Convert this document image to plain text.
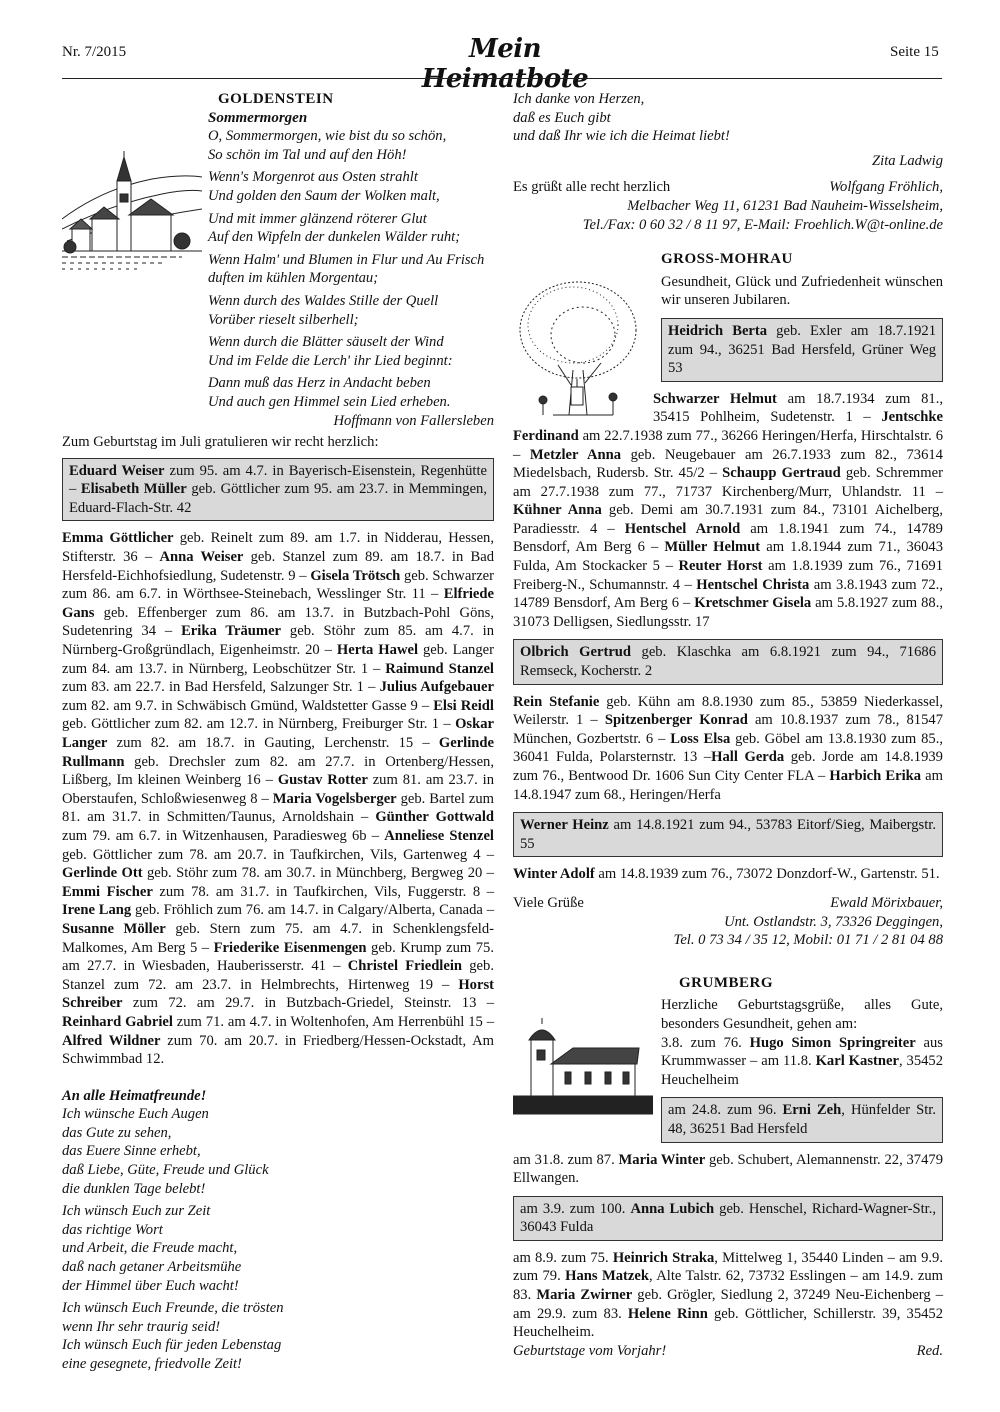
Nr. 7/2015	Mein Heimatbote
Seite 15

GOLDENSTEIN

Sommermorgen

O, Sommermorgen, wie bist du so schön,

So schön im Tal und auf den Höh!

Wenn's Morgenrot aus Osten strahlt

Und golden den Saum der Wolken malt,

Und mit immer glänzend röterer Glut

Auf den Wipfeln der dunkelen Wälder ruht;

Wenn Halm' und Blumen in Flur und Au Frisch

duften im kühlen Morgentau;

Wenn durch des Waldes Stille der Quell

Vorüber rieselt silberhell;

Wenn durch die Blätter säuselt der Wind

Und im Felde die Lerch' ihr Lied beginnt:

Dann muß das Herz in Andacht beben

Und auch gen Himmel sein Lied erheben.

Hoffmann von Fallersleben

Zum Geburtstag im Juli gratulieren wir recht herzlich:

Eduard Weiser zum 95. am 4.7. in Bayerisch-Eisenstein, Regenhütte – Elisabeth Müller geb. Göttlicher zum 95. am 23.7. in Memmingen, Eduard-Flach-Str. 42

Emma Göttlicher geb. Reinelt zum 89. am 1.7. in Nidderau, Hessen, Stifterstr. 36 – Anna Weiser geb. Stanzel zum 89. am 18.7. in Bad Hersfeld-Eichhofsiedlung, Sudetenstr. 9 – Gisela Trötsch geb. Schwarzer zum 86. am 6.7. in Wörthsee-Steinebach, Wesslinger Str. 11 – Elfriede Gans geb. Effenberger zum 86. am 13.7. in Butzbach-Pohl Göns, Sudetenring 34 – Erika Träumer geb. Stöhr zum 85. am 4.7. in Nürnberg-Großgründlach, Eigenheimstr. 20 – Herta Hawel geb. Langer zum 84. am 13.7. in Nürnberg, Leobschützer Str. 1 – Raimund Stanzel zum 83. am 22.7. in Bad Hersfeld, Salzunger Str. 1 – Julius Aufgebauer zum 82. am 9.7. in Schwäbisch Gmünd, Waldstetter Gasse 9 – Elsi Reidl geb. Göttlicher zum 82. am 12.7. in Nürnberg, Freiburger Str. 1 – Oskar Langer zum 82. am 18.7. in Gauting, Lerchenstr. 15 – Gerlinde Rullmann geb. Drechsler zum 82. am 27.7. in Ortenberg/Hessen, Lißberg, Im kleinen Weinberg 16 – Gustav Rotter zum 81. am 23.7. in Oberstaufen, Schloßwiesenweg 8 – Maria Vogelsberger geb. Bartel zum 81. am 31.7. in Schmitten/Taunus, Arnoldshain – Günther Gottwald zum 79. am 6.7. in Witzenhausen, Paradiesweg 6b – Anneliese Stenzel geb. Göttlicher zum 78. am 20.7. in Taufkirchen, Vils, Gartenweg 4 – Gerlinde Ott geb. Stöhr zum 78. am 30.7. in Münchberg, Bergweg 20 – Emmi Fischer zum 78. am 31.7. in Taufkirchen, Vils, Fuggerstr. 8 – Irene Lang geb. Fröhlich zum 76. am 14.7. in Calgary/Alberta, Canada – Susanne Möller geb. Stern zum 75. am 4.7. in Schenklengsfeld-Malkomes, Am Berg 5 – Friederike Eisenmengen geb. Krump zum 75. am 27.7. in Wiesbaden, Hauberisserstr. 41 – Christel Friedlein geb. Stanzel zum 72. am 23.7. in Helmbrechts, Hirtenweg 19 – Horst Schreiber zum 72. am 29.7. in Butzbach-Griedel, Steinstr. 13 – Reinhard Gabriel zum 71. am 4.7. in Woltenhofen, Am Herrenbühl 15 – Alfred Wildner zum 70. am 20.7. in Friedberg/Hessen-Ockstadt, Am Schwimmbad 12.

An alle Heimatfreunde!

Ich wünsche Euch Augen

das Gute zu sehen,

das Euere Sinne erhebt,

daß Liebe, Güte, Freude und Glück

die dunklen Tage belebt!

Ich wünsch Euch zur Zeit

das richtige Wort

und Arbeit, die Freude macht,

daß nach getaner Arbeitsmühe

der Himmel über Euch wacht!

Ich wünsch Euch Freunde, die trösten

wenn Ihr sehr traurig seid!

Ich wünsch Euch für jeden Lebenstag

eine gesegnete, friedvolle Zeit!

Ich danke von Herzen,

daß es Euch gibt

und daß Ihr wie ich die Heimat liebt!

Zita Ladwig

Es grüßt alle recht herzlich	Wolfgang Fröhlich,

Melbacher Weg 11, 61231 Bad Nauheim-Wisselsheim,

Tel./Fax: 0 60 32 / 8 11 97, E-Mail: Froehlich.W@t-online.de

GROSS-MOHRAU

Gesundheit, Glück und Zufriedenheit wünschen wir unseren Jubilaren.

Heidrich Berta geb. Exler am 18.7.1921 zum 94., 36251 Bad Hersfeld, Grüner Weg 53

Schwarzer Helmut am 18.7.1934 zum 81., 35415 Pohlheim, Sudetenstr. 1 – Jentschke Ferdinand am 22.7.1938 zum 77., 36266 Heringen/Herfa, Hirschtalstr. 6 – Metzler Anna geb. Neugebauer am 26.7.1933 zum 82., 73614 Miedelsbach, Rudersb. Str. 45/2 – Schaupp Gertraud geb. Schremmer am 27.7.1938 zum 77., 71737 Kirchenberg/Murr, Uhlandstr. 11 – Kühner Anna geb. Demi am 30.7.1931 zum 84., 73101 Aichelberg, Paradiesstr. 4 – Hentschel Arnold am 1.8.1941 zum 74., 14789 Bensdorf, Am Berg 6 – Müller Helmut am 1.8.1944 zum 71., 36043 Fulda, Am Stockacker 5 – Reuter Horst am 1.8.1939 zum 76., 71691 Freiberg-N., Schumannstr. 4 – Hentschel Christa am 3.8.1943 zum 72., 14789 Bensdorf, Am Berg 6 – Kretschmer Gisela am 5.8.1927 zum 88., 31073 Delligsen, Siedlungsstr. 17

Olbrich Gertrud geb. Klaschka am 6.8.1921 zum 94., 71686 Remseck, Kocherstr. 2

Rein Stefanie geb. Kühn am 8.8.1930 zum 85., 53859 Niederkassel, Weilerstr. 1 – Spitzenberger Konrad am 10.8.1937 zum 78., 81547 München, Gozbertstr. 6 – Loss Elsa geb. Göbel am 13.8.1930 zum 85., 36041 Fulda, Polarsternstr. 13 –Hall Gerda geb. Jorde am 14.8.1939 zum 76., Bentwood Dr. 1606 Sun City Center FLA – Harbich Erika am 14.8.1947 zum 68., Heringen/Herfa

Werner Heinz am 14.8.1921 zum 94., 53783 Eitorf/Sieg, Maibergstr. 55

Winter Adolf am 14.8.1939 zum 76., 73072 Donzdorf-W., Gartenstr. 51.

Viele Grüße	Ewald Mörixbauer,

Unt. Ostlandstr. 3, 73326 Deggingen,

Tel. 0 73 34 / 35 12, Mobil: 01 71 / 2 81 04 88

GRUMBERG

Herzliche Geburtstagsgrüße, alles Gute, besonders Gesundheit, gehen am:

3.8. zum 76. Hugo Simon Springreiter aus Krummwasser – am 11.8. Karl Kastner, 35452 Heuchelheim

am 24.8. zum 96. Erni Zeh, Hünfelder Str. 48, 36251 Bad Hersfeld

am 31.8. zum 87. Maria Winter geb. Schubert, Alemannenstr. 22, 37479 Ellwangen.

am 3.9. zum 100. Anna Lubich geb. Henschel, Richard-Wagner-Str., 36043 Fulda

am 8.9. zum 75. Heinrich Straka, Mittelweg 1, 35440 Linden – am 9.9. zum 79. Hans Matzek, Alte Talstr. 62, 73732 Esslingen – am 14.9. zum 83. Maria Zwirner geb. Grögler, Siedlung 2, 37249 Neu-Eichenberg – am 29.9. zum 83. Helene Rinn geb. Göttlicher, Schillerstr. 39, 35452 Heuchelheim.

Geburtstage vom Vorjahr!	Red.
